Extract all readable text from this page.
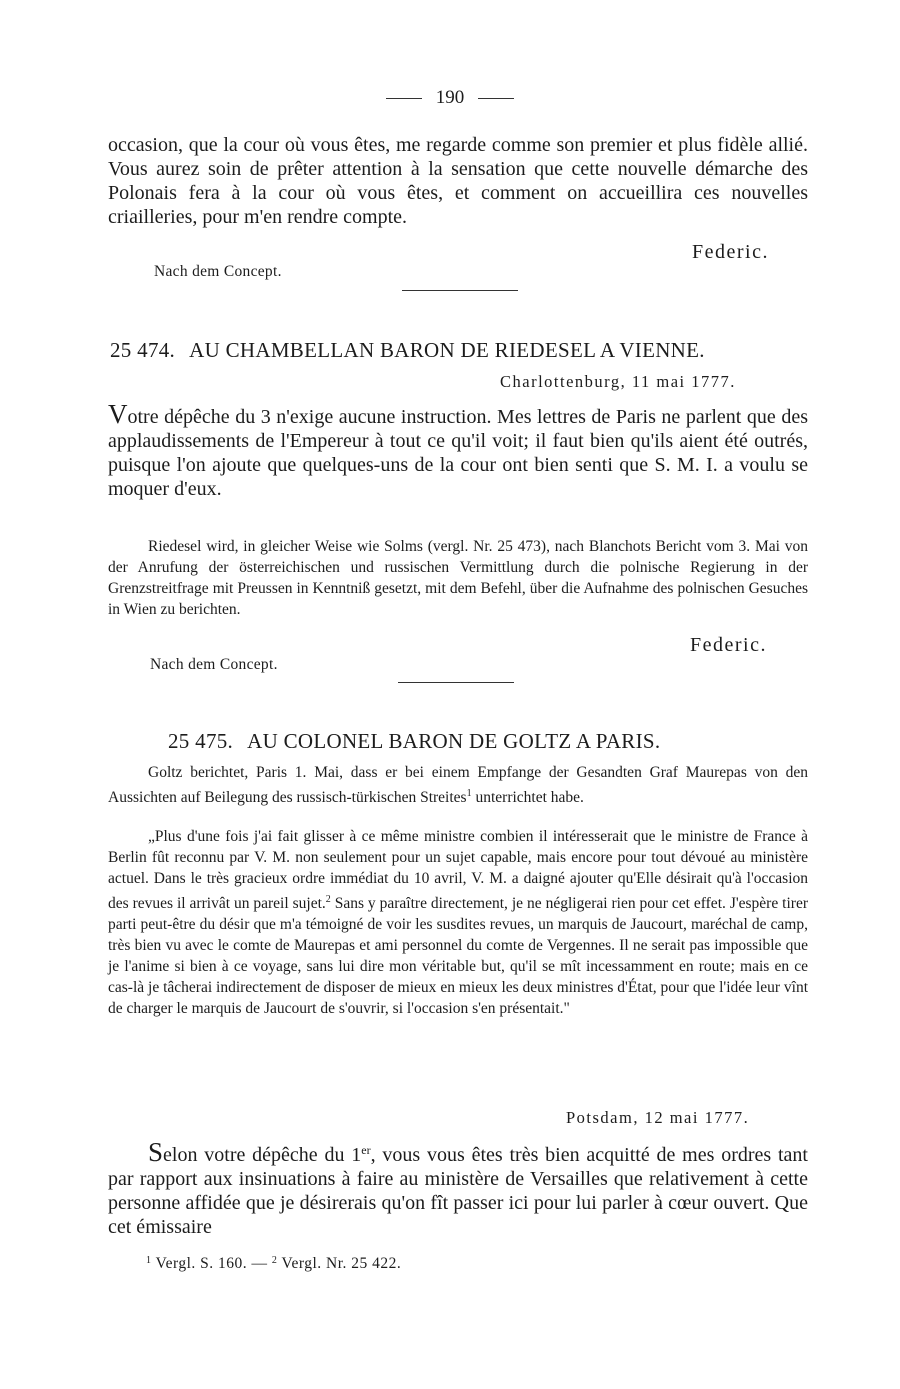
190
occasion, que la cour où vous êtes, me regarde comme son premier et plus fidèle allié. Vous aurez soin de prêter attention à la sensation que cette nouvelle démarche des Polonais fera à la cour où vous êtes, et comment on accueillira ces nouvelles criailleries, pour m'en rendre compte.
Federic.
Nach dem Concept.
25 474. AU CHAMBELLAN BARON DE RIEDESEL A VIENNE.
Charlottenburg, 11 mai 1777.
Votre dépêche du 3 n'exige aucune instruction. Mes lettres de Paris ne parlent que des applaudissements de l'Empereur à tout ce qu'il voit; il faut bien qu'ils aient été outrés, puisque l'on ajoute que quelques-uns de la cour ont bien senti que S. M. I. a voulu se moquer d'eux.
Riedesel wird, in gleicher Weise wie Solms (vergl. Nr. 25 473), nach Blanchots Bericht vom 3. Mai von der Anrufung der österreichischen und russischen Vermittlung durch die polnische Regierung in der Grenzstreitfrage mit Preussen in Kenntniß gesetzt, mit dem Befehl, über die Aufnahme des polnischen Gesuches in Wien zu berichten.
Federic.
Nach dem Concept.
25 475. AU COLONEL BARON DE GOLTZ A PARIS.
Goltz berichtet, Paris 1. Mai, dass er bei einem Empfange der Gesandten Graf Maurepas von den Aussichten auf Beilegung des russisch-türkischen Streites$^1$ unterrichtet habe.
„Plus d'une fois j'ai fait glisser à ce même ministre combien il intéresserait que le ministre de France à Berlin fût reconnu par V. M. non seulement pour un sujet capable, mais encore pour tout dévoué au ministère actuel. Dans le très gracieux ordre immédiat du 10 avril, V. M. a daigné ajouter qu'Elle désirait qu'à l'occasion des revues il arrivât un pareil sujet.$^2$ Sans y paraître directement, je ne négligerai rien pour cet effet. J'espère tirer parti peut-être du désir que m'a témoigné de voir les susdites revues, un marquis de Jaucourt, maréchal de camp, très bien vu avec le comte de Maurepas et ami personnel du comte de Vergennes. Il ne serait pas impossible que je l'anime si bien à ce voyage, sans lui dire mon véritable but, qu'il se mît incessamment en route; mais en ce cas-là je tâcherai indirectement de disposer de mieux en mieux les deux ministres d'État, pour que l'idée leur vînt de charger le marquis de Jaucourt de s'ouvrir, si l'occasion s'en présentait."
Potsdam, 12 mai 1777.
Selon votre dépêche du 1er, vous vous êtes très bien acquitté de mes ordres tant par rapport aux insinuations à faire au ministère de Versailles que relativement à cette personne affidée que je désirerais qu'on fît passer ici pour lui parler à cœur ouvert. Que cet émissaire
$^1$ Vergl. S. 160. — $^2$ Vergl. Nr. 25 422.
